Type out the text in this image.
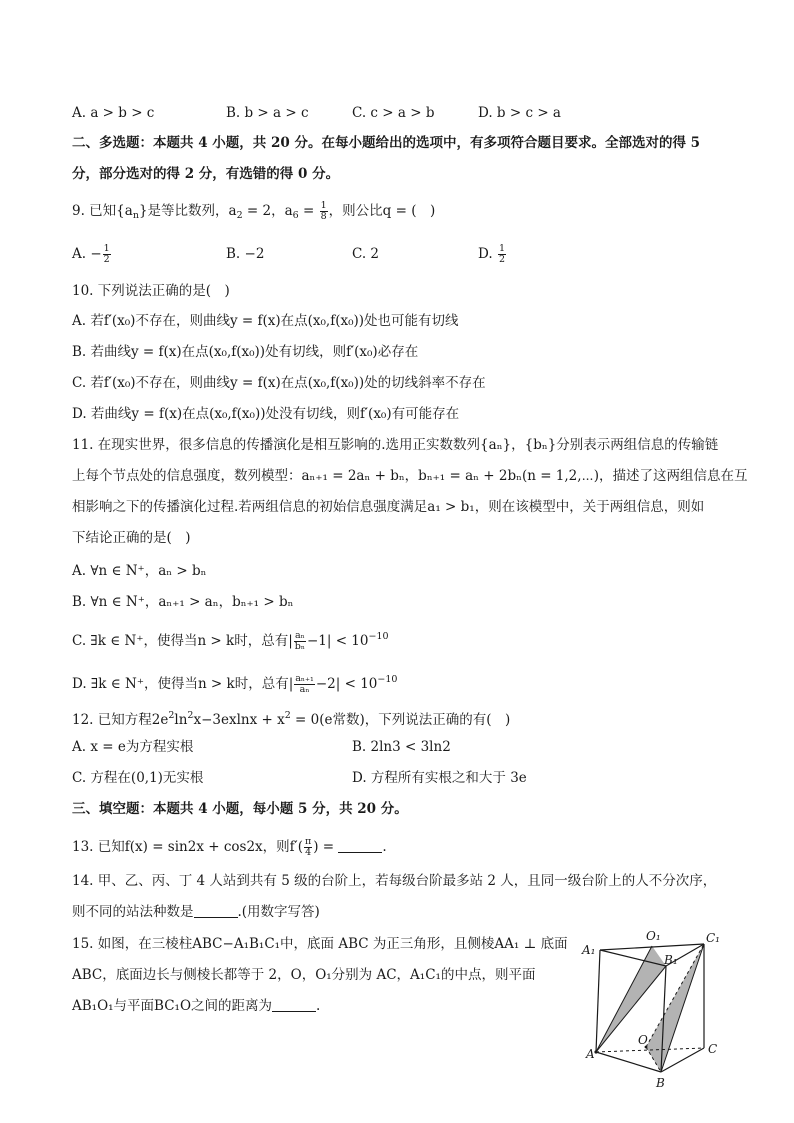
A. a > b > c	B. b > a > c	C. c > a > b	D. b > c > a
二、多选题：本题共 4 小题，共 20 分。在每小题给出的选项中，有多项符合题目要求。全部选对的得 5
分，部分选对的得 2 分，有选错的得 0 分。
9. 已知$\{a_n\}$是等比数列，$a_2 = 2$，$a_6 = \frac{1}{8}$ ，则公比q = (　)
A. − $\frac{1}{2}$	B. −2	C. 2	D. $\frac{1}{2}$
10. 下列说法正确的是(　)
A. 若f′(x₀)不存在，则曲线y = f(x)在点(x₀,f(x₀))处也可能有切线
B. 若曲线y = f(x)在点(x₀,f(x₀))处有切线，则f′(x₀)必存在
C. 若f′(x₀)不存在，则曲线y = f(x)在点(x₀,f(x₀))处的切线斜率不存在
D. 若曲线y = f(x)在点(x₀,f(x₀))处没有切线，则f′(x₀)有可能存在
11. 在现实世界，很多信息的传播演化是相互影响的.选用正实数数列{aₙ}，{bₙ}分别表示两组信息的传输链
上每个节点处的信息强度，数列模型：aₙ₊₁ = 2aₙ + bₙ，bₙ₊₁ = aₙ + 2bₙ(n = 1,2,⋯)，描述了这两组信息在互
相影响之下的传播演化过程.若两组信息的初始信息强度满足a₁ > b₁，则在该模型中，关于两组信息，则如
下结论正确的是(　)
A. ∀n ∈ N⁺，aₙ > bₙ
B. ∀n ∈ N⁺，aₙ₊₁ > aₙ，bₙ₊₁ > bₙ
C. ∃k ∈ N⁺，使得当n > k时，总有| $\frac{\text{aₙ}}{\text{bₙ}} -1| < 10^{-10}$
D. ∃k ∈ N⁺，使得当n > k时，总有| $\frac{\text{aₙ₊₁}}{\text{aₙ}} -2| < 10^{-10}$
12. 已知方程$2e^2\ln^2x-3exlnx + x^2 = 0(e$常数)，下列说法正确的有(　)
A. x = e为方程实根	B. 2ln3 < 3ln2
C. 方程在(0,1)无实根	D. 方程所有实根之和大于 3e
三、填空题：本题共 4 小题，每小题 5 分，共 20 分。
13. 已知f(x) = sin2x + cos2x，则$f'( \frac{\pi}{4}$ ) =	.
14. 甲、乙、丙、丁 4 人站到共有 5 级的台阶上，若每级台阶最多站 2 人，且同一级台阶上的人不分次序，
则不同的站法种数是	.(用数字写答)
15. 如图，在三棱柱ABC−A₁B₁C₁中，底面 ABC 为正三角形，且侧棱AA₁ ⊥ 底面
ABC，底面边长与侧棱长都等于 2，O，O₁分别为 AC，A₁C₁的中点，则平面
AB₁O₁与平面BC₁O之间的距离为	.
A₁
O₁	C₁
B₁
A
O
C
B
